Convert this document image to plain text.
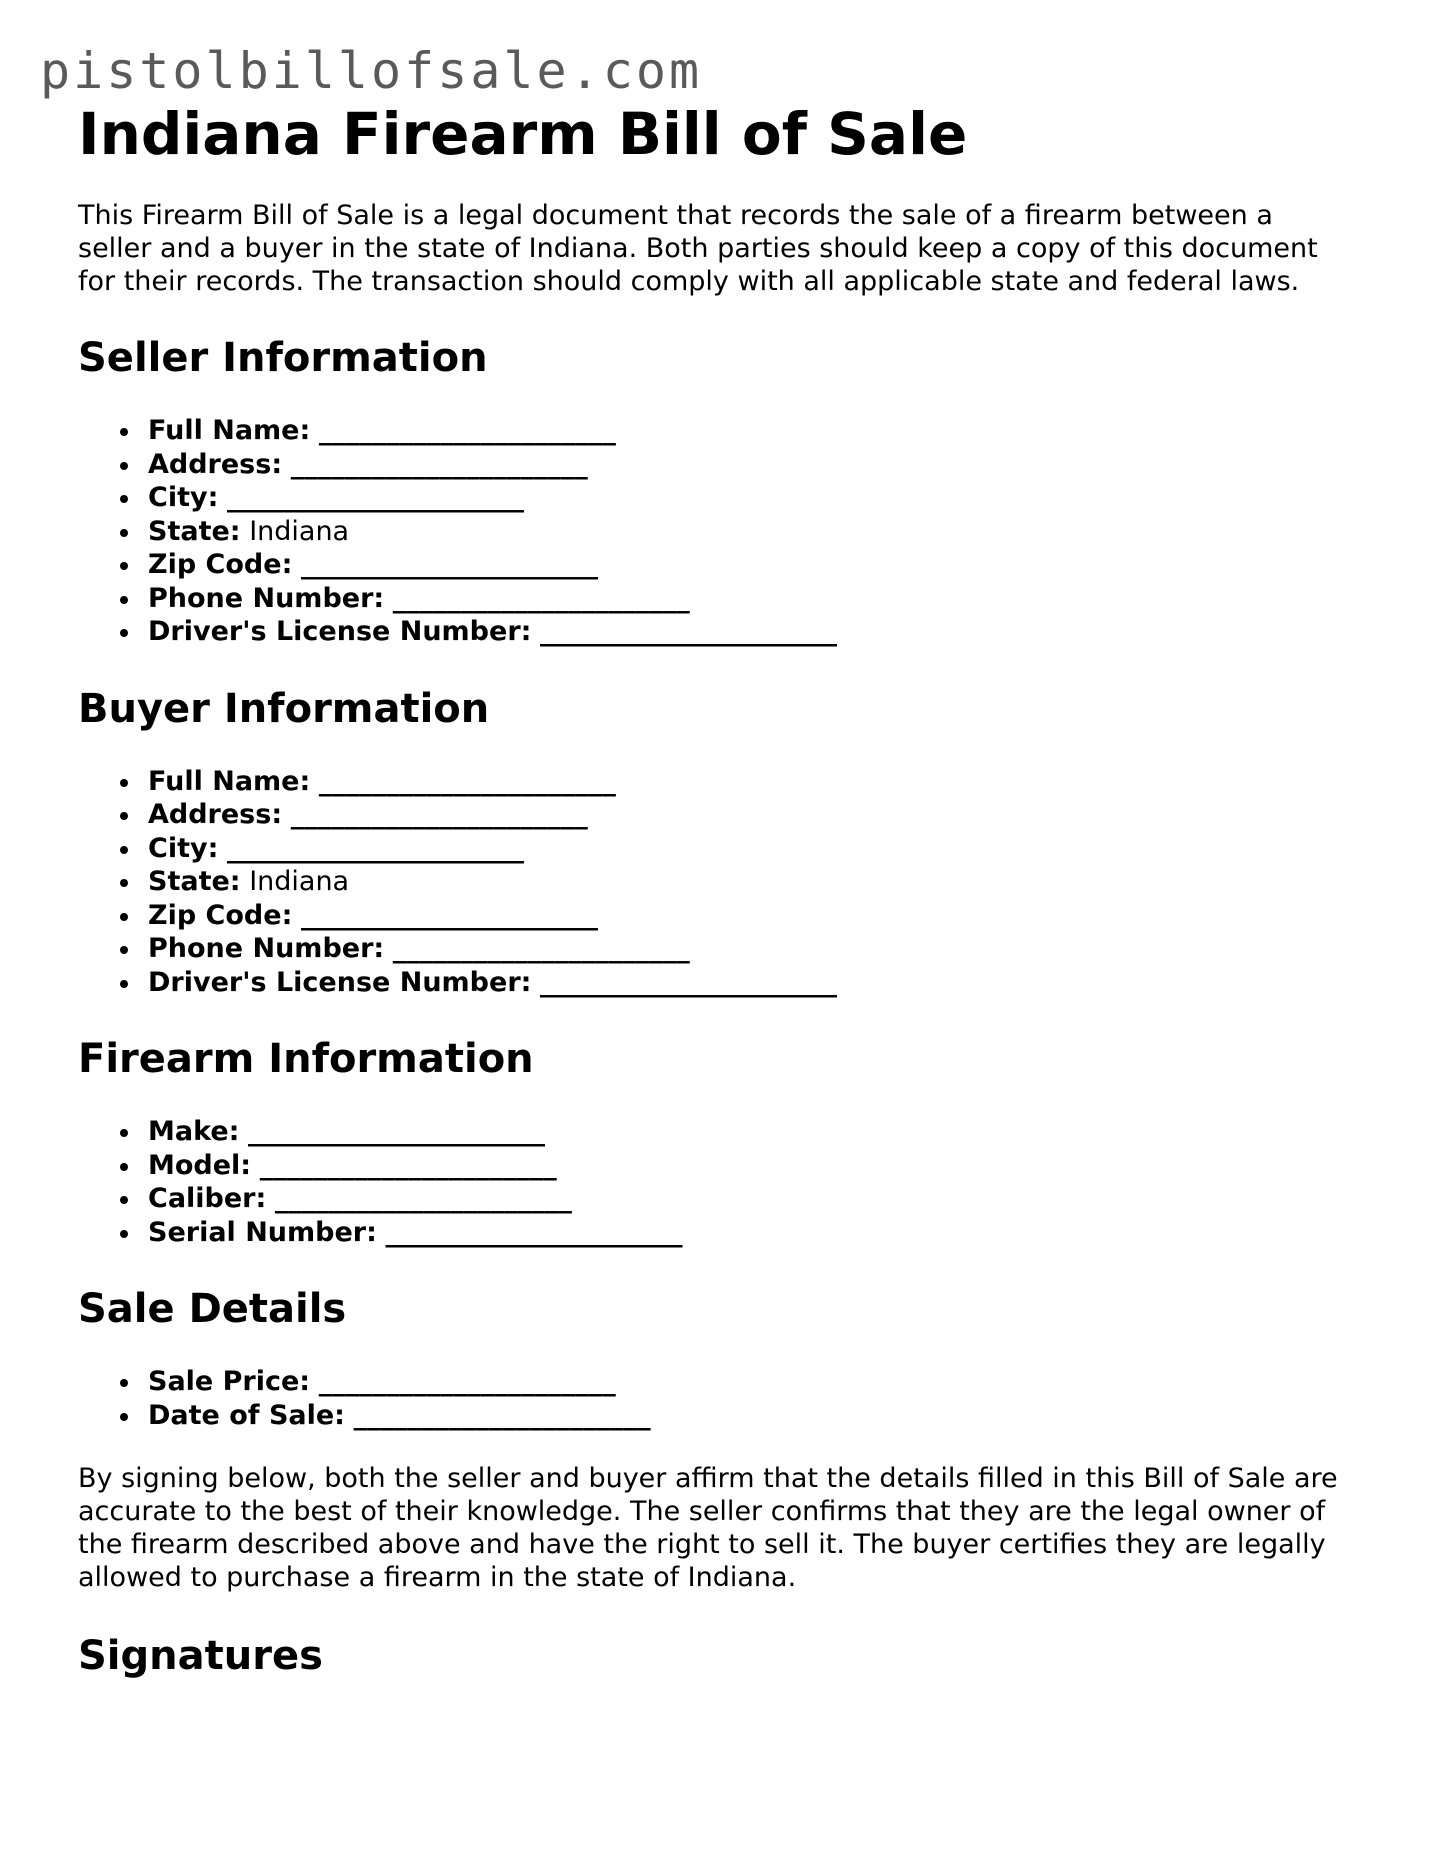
pistolbillofsale.com
Indiana Firearm Bill of Sale

This Firearm Bill of Sale is a legal document that records the sale of a firearm between a seller and a buyer in the state of Indiana. Both parties should keep a copy of this document for their records. The transaction should comply with all applicable state and federal laws.

Seller Information
Full Name: ______________________
Address: ______________________
City: ______________________
State: Indiana
Zip Code: ______________________
Phone Number: ______________________
Driver's License Number: ______________________
Buyer Information
Full Name: ______________________
Address: ______________________
City: ______________________
State: Indiana
Zip Code: ______________________
Phone Number: ______________________
Driver's License Number: ______________________
Firearm Information
Make: ______________________
Model: ______________________
Caliber: ______________________
Serial Number: ______________________
Sale Details
Sale Price: ______________________
Date of Sale: ______________________

By signing below, both the seller and buyer affirm that the details filled in this Bill of Sale are accurate to the best of their knowledge. The seller confirms that they are the legal owner of the firearm described above and have the right to sell it. The buyer certifies they are legally allowed to purchase a firearm in the state of Indiana.

Signatures
